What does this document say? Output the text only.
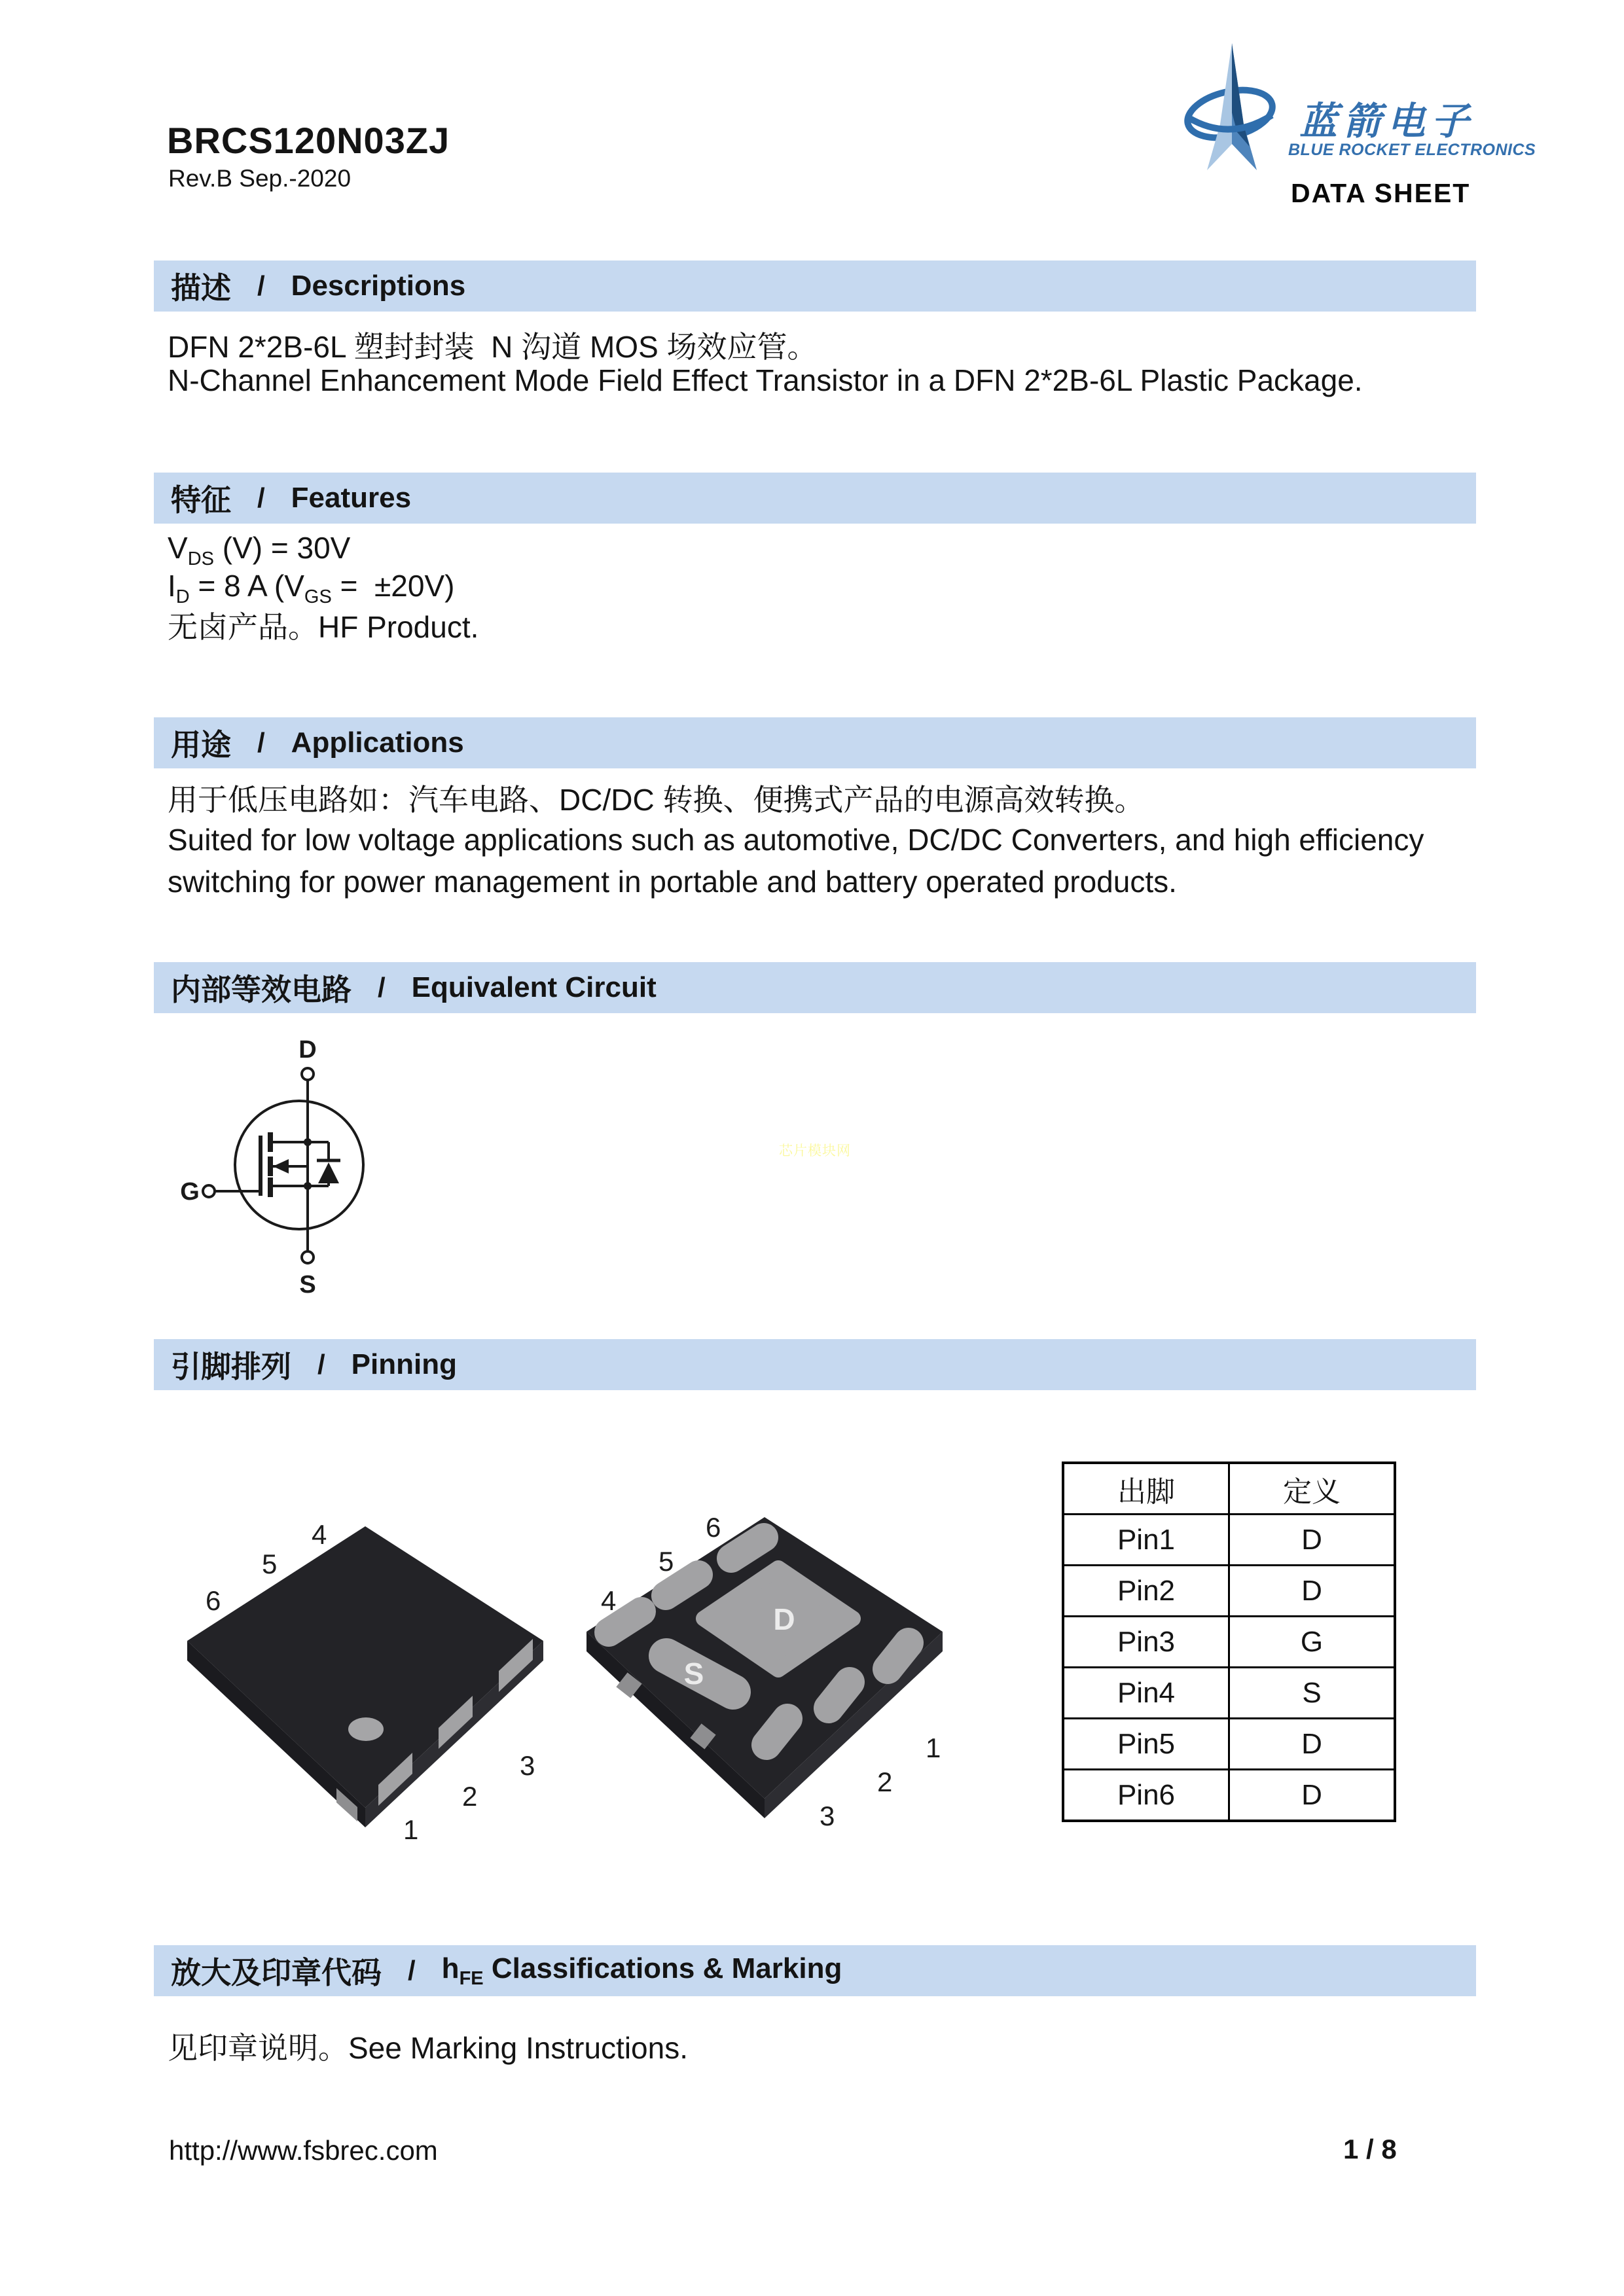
BRCS120N03ZJ
Rev.B Sep.-2020
蓝箭电子
BLUE ROCKET ELECTRONICS
DATA SHEET
描述 / Descriptions
DFN 2*2B-6L 塑封封装  N 沟道 MOS 场效应管。
N-Channel Enhancement Mode Field Effect Transistor in a DFN 2*2B-6L Plastic Package.
特征 / Features
$V_{DS}$ (V) = 30V
$I_D = 8$ A $(V_{GS} = \pm 20V)$
无卤产品。HF Product.
用途 / Applications
用于低压电路如：汽车电路、DC/DC 转换、便携式产品的电源高效转换。
Suited for low voltage applications such as automotive, DC/DC Converters, and high efficiency
switching for power management in portable and battery operated products.
内部等效电路 / Equivalent Circuit
D
G
S
芯片模块网
引脚排列 / Pinning
4
5
6
1
2
3
D
S
6
5
4
1
2
3
出脚	定义
Pin1	D
Pin2	D
Pin3	G
Pin4	S
Pin5	D
Pin6	D
放大及印章代码 / $h_{FE}$ Classifications & Marking
见印章说明。See Marking Instructions.
http://www.fsbrec.com	1 / 8
